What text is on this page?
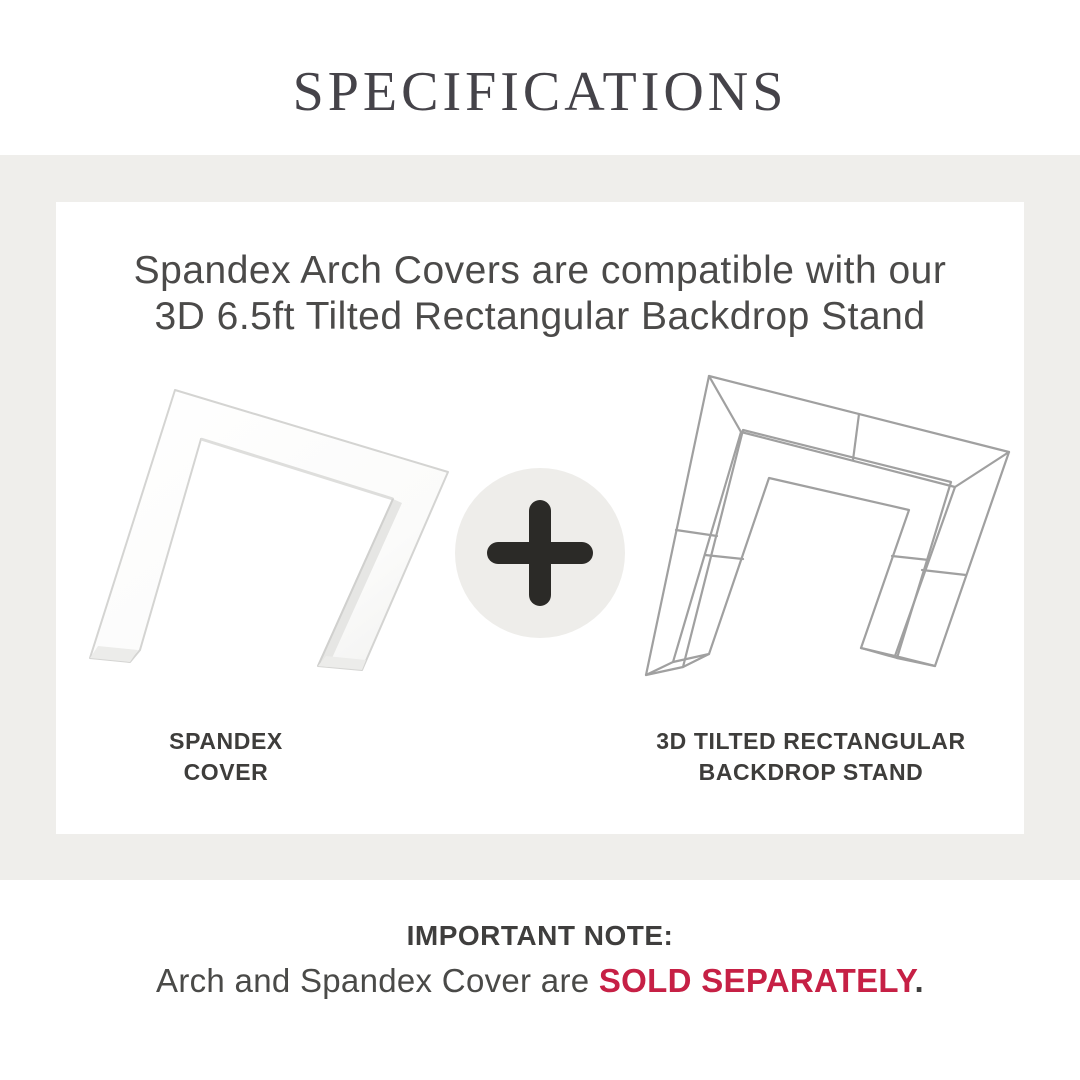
SPECIFICATIONS
Spandex Arch Covers are compatible with our
3D 6.5ft Tilted Rectangular Backdrop Stand
SPANDEX
COVER
3D TILTED RECTANGULAR
BACKDROP STAND
IMPORTANT NOTE:
Arch and Spandex Cover are SOLD SEPARATELY.
